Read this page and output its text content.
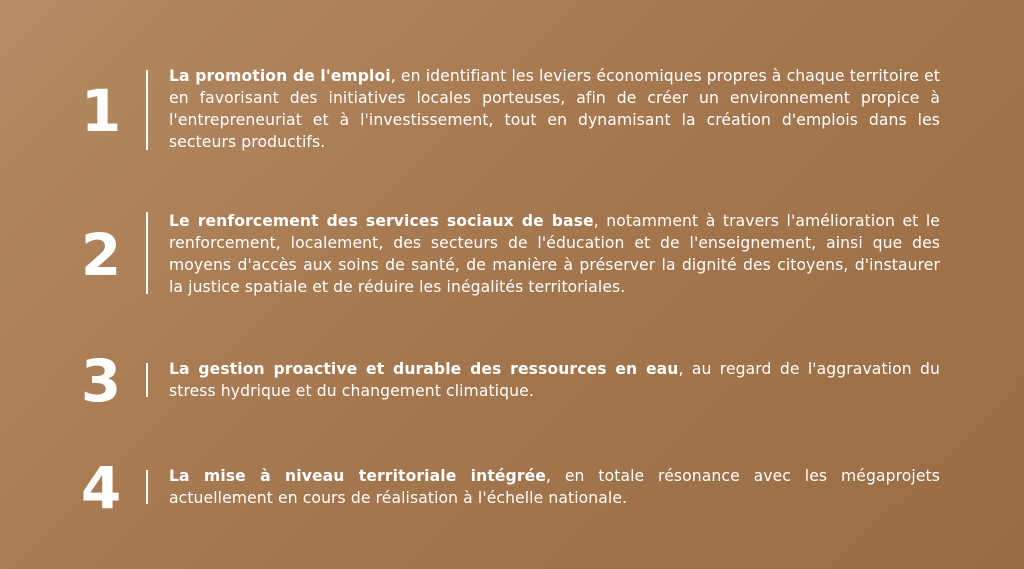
1
La promotion de l'emploi, en identifiant les leviers économiques propres à chaque territoire et en favorisant des initiatives locales porteuses, afin de créer un environnement propice à l'entrepreneuriat et à l'investissement, tout en dynamisant la création d'emplois dans les secteurs productifs.
2	Le renforcement des services sociaux de base, notamment à travers l'amélioration et le renforcement, localement, des secteurs de l'éducation et de l'enseignement, ainsi que des moyens d'accès aux soins de santé, de manière à préserver la dignité des citoyens, d'instaurer la justice spatiale et de réduire les inégalités territoriales.
3	La gestion proactive et durable des ressources en eau, au regard de l'aggravation du stress hydrique et du changement climatique.
4	La mise à niveau territoriale intégrée, en totale résonance avec les mégaprojets actuellement en cours de réalisation à l'échelle nationale.
